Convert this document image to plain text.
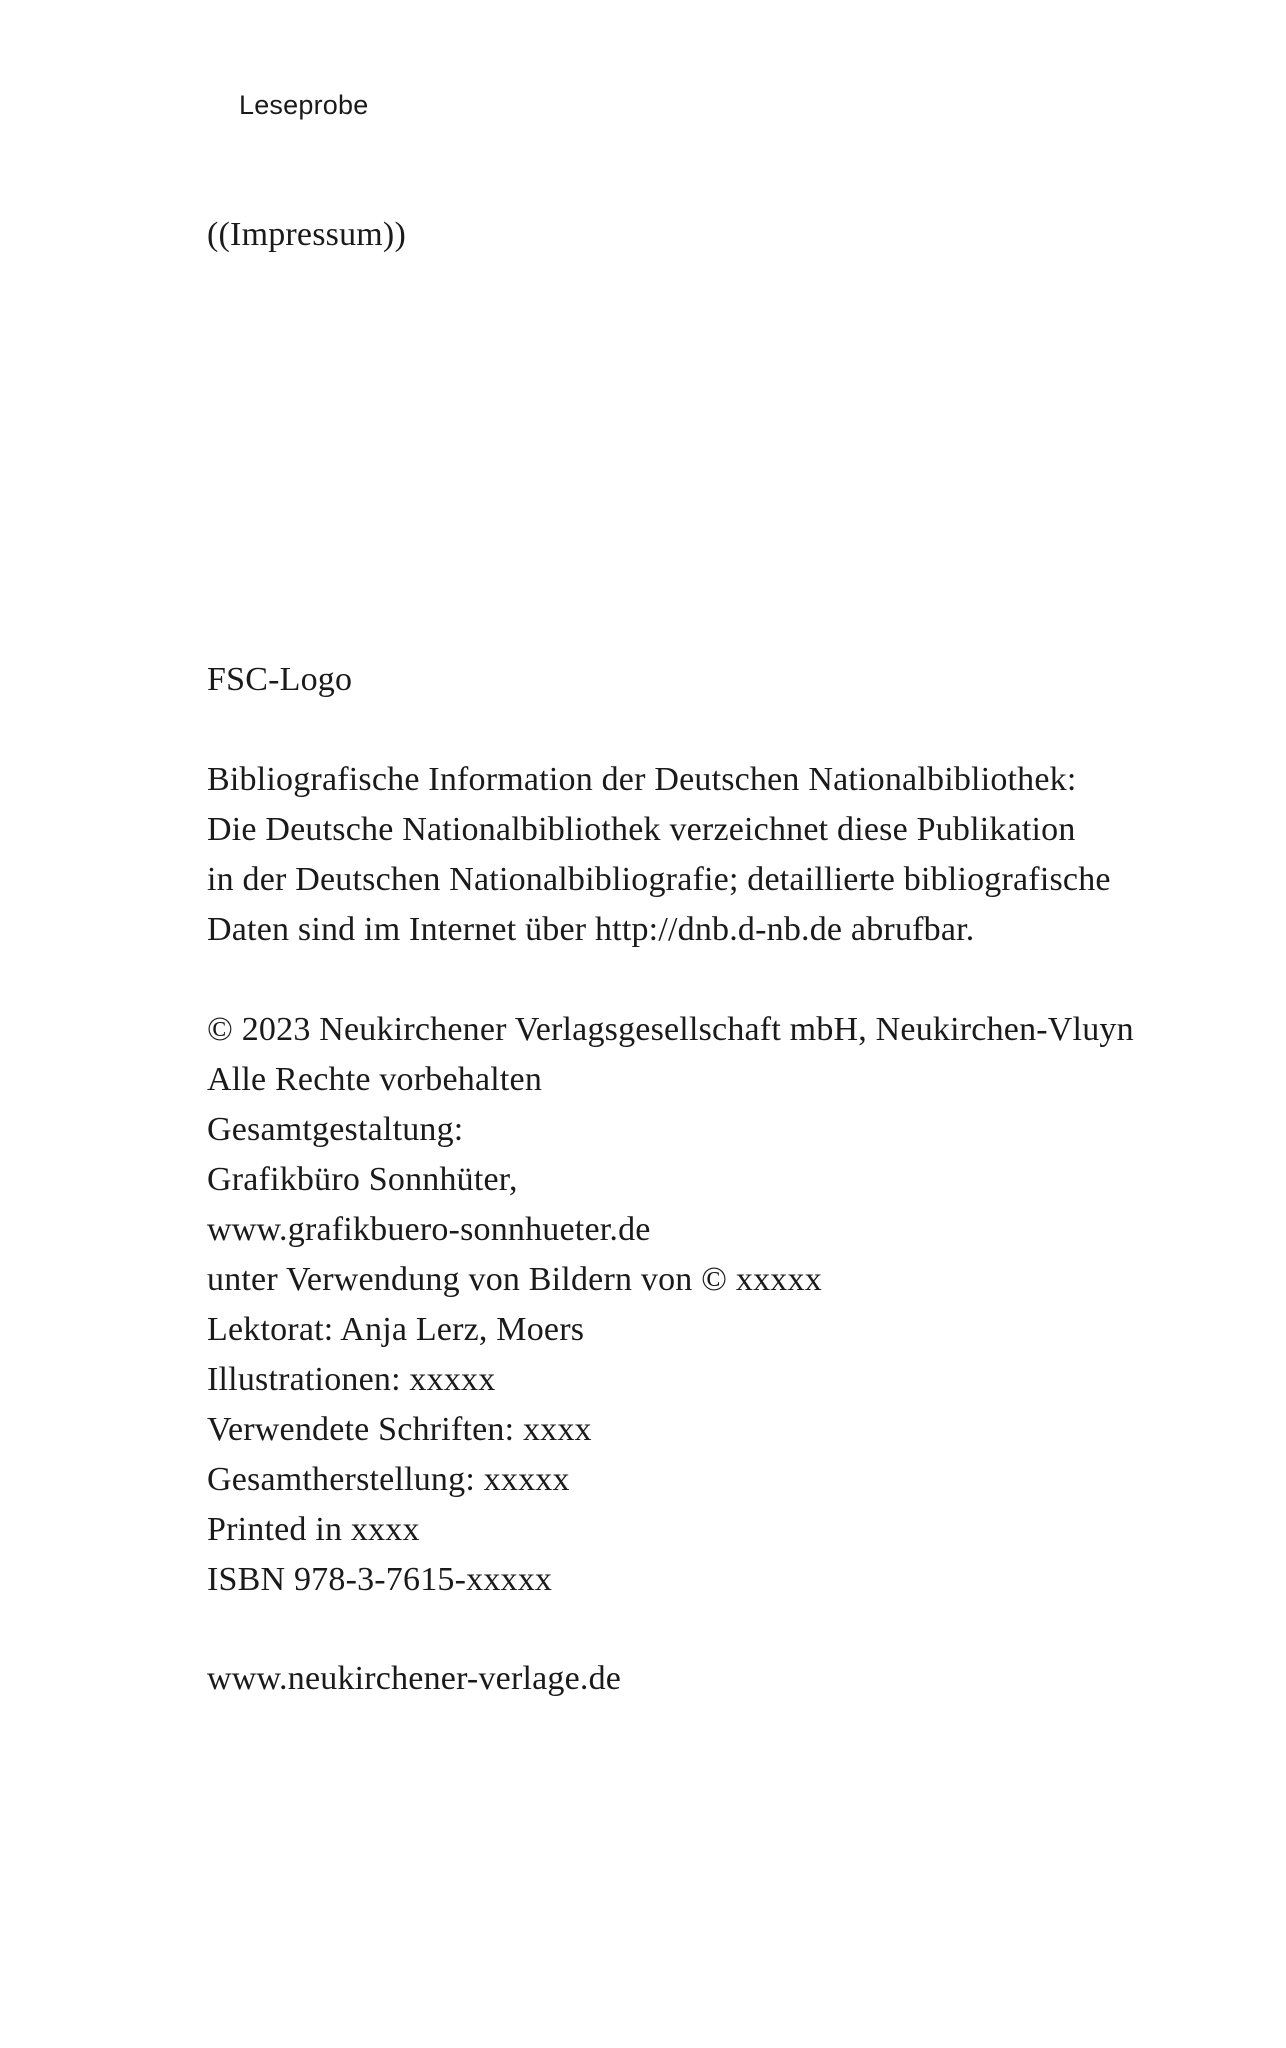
Leseprobe
((Impressum))
FSC-Logo
Bibliografische Information der Deutschen Nationalbibliothek:
Die Deutsche Nationalbibliothek verzeichnet diese Publikation
in der Deutschen Nationalbibliografie; detaillierte bibliografische
Daten sind im Internet über http://dnb.d-nb.de abrufbar.
© 2023 Neukirchener Verlagsgesellschaft mbH, Neukirchen-Vluyn
Alle Rechte vorbehalten
Gesamtgestaltung:
Grafikbüro Sonnhüter,
www.grafikbuero-sonnhueter.de
unter Verwendung von Bildern von © xxxxx
Lektorat: Anja Lerz, Moers
Illustrationen: xxxxx
Verwendete Schriften: xxxx
Gesamtherstellung: xxxxx
Printed in xxxx
ISBN 978-3-7615-xxxxx
www.neukirchener-verlage.de
